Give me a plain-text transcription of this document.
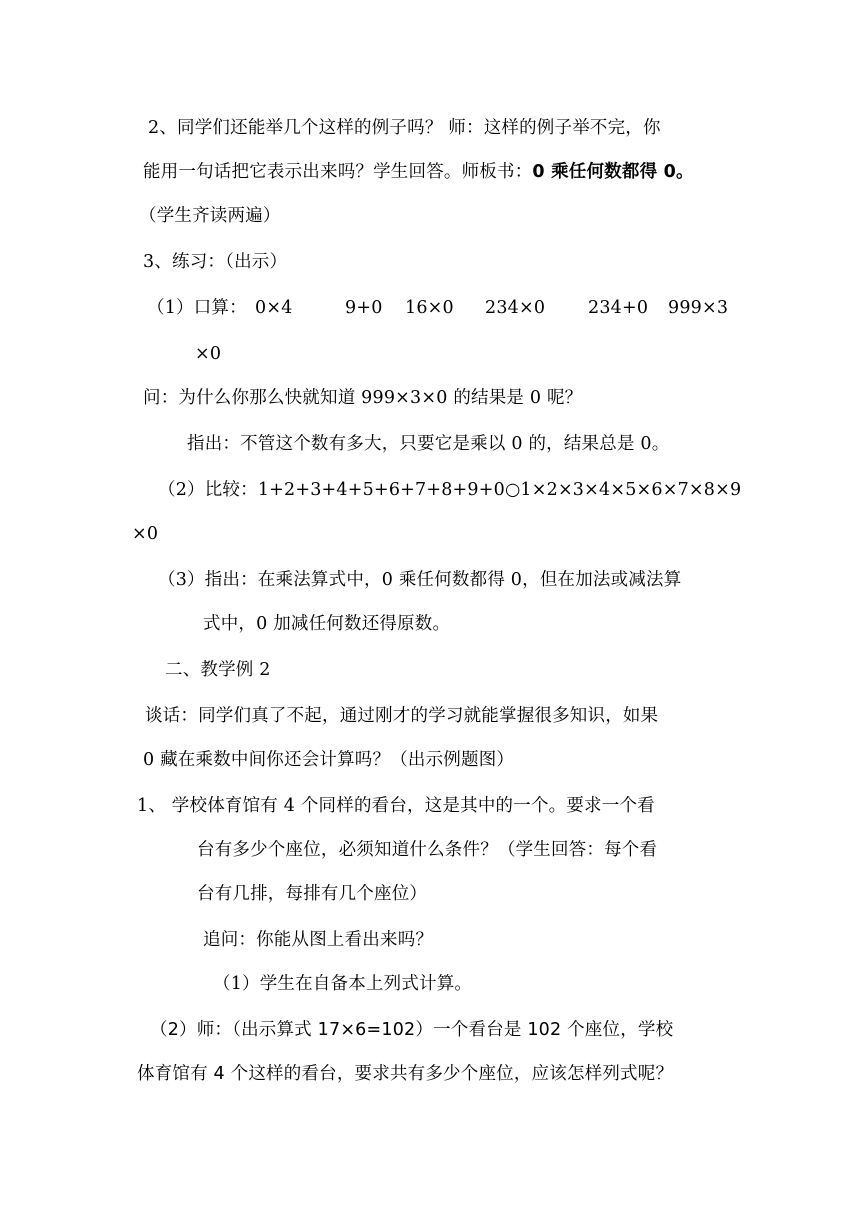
2、同学们还能举几个这样的例子吗？ 师：这样的例子举不完，你
能用一句话把它表示出来吗？学生回答。师板书：0 乘任何数都得 0。
（学生齐读两遍）
3、练习：（出示）
（1）口算： 0×4	9+0 16×0 234×0 234+0 999×3
×0
问：为什么你那么快就知道 999×3×0 的结果是 0 呢？
指出：不管这个数有多大，只要它是乘以 0 的，结果总是 0。
（2）比较：1+2+3+4+5+6+7+8+9+0○1×2×3×4×5×6×7×8×9
×0
（3）指出：在乘法算式中，0 乘任何数都得 0，但在加法或减法算
式中，0 加减任何数还得原数。
二、教学例 2
谈话：同学们真了不起，通过刚才的学习就能掌握很多知识，如果
0 藏在乘数中间你还会计算吗？（出示例题图）
1、 学校体育馆有 4 个同样的看台，这是其中的一个。要求一个看
台有多少个座位，必须知道什么条件？（学生回答：每个看
台有几排，每排有几个座位）
追问：你能从图上看出来吗？
（1）学生在自备本上列式计算。
（2）师：（出示算式 17×6=102）一个看台是 102 个座位，学校
体育馆有 4 个这样的看台，要求共有多少个座位，应该怎样列式呢？
